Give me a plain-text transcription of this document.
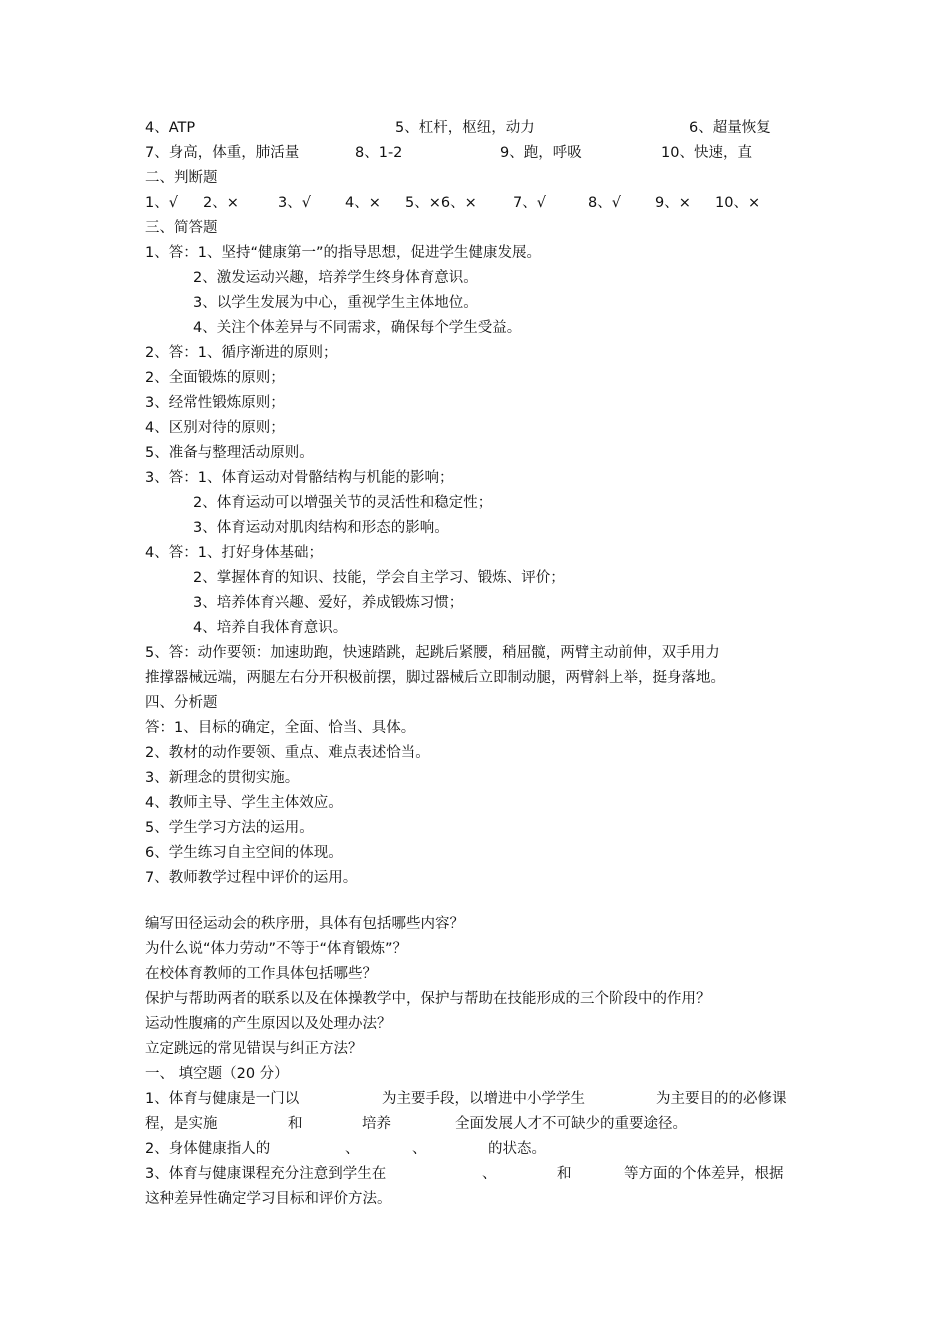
4、ATP	5、杠杆，枢纽，动力	6、超量恢复
7、身高，体重，肺活量	8、1-2	9、跑，呼吸	10、快速，直
二、判断题
1、√ 2、×	3、√ 4、× 5、×6、×	7、√	8、√ 9、× 10、×
三、简答题
1、答：1、坚持“健康第一”的指导思想，促进学生健康发展。
2、激发运动兴趣，培养学生终身体育意识。
3、以学生发展为中心，重视学生主体地位。
4、关注个体差异与不同需求，确保每个学生受益。
2、答：1、循序渐进的原则；
2、全面锻炼的原则；
3、经常性锻炼原则；
4、区别对待的原则；
5、准备与整理活动原则。
3、答：1、体育运动对骨骼结构与机能的影响；
2、体育运动可以增强关节的灵活性和稳定性；
3、体育运动对肌肉结构和形态的影响。
4、答：1、打好身体基础；
2、掌握体育的知识、技能，学会自主学习、锻炼、评价；
3、培养体育兴趣、爱好，养成锻炼习惯；
4、培养自我体育意识。
5、答：动作要领：加速助跑，快速踏跳，起跳后紧腰，稍屈髋，两臂主动前伸，双手用力
推撑器械远端，两腿左右分开积极前摆，脚过器械后立即制动腿，两臂斜上举，挺身落地。
四、分析题
答：1、目标的确定，全面、恰当、具体。
2、教材的动作要领、重点、难点表述恰当。
3、新理念的贯彻实施。
4、教师主导、学生主体效应。
5、学生学习方法的运用。
6、学生练习自主空间的体现。
7、教师教学过程中评价的运用。
编写田径运动会的秩序册，具体有包括哪些内容？
为什么说“体力劳动”不等于“体育锻炼”？
在校体育教师的工作具体包括哪些？
保护与帮助两者的联系以及在体操教学中，保护与帮助在技能形成的三个阶段中的作用？
运动性腹痛的产生原因以及处理办法？
立定跳远的常见错误与纠正方法？
一、 填空题（20 分）
1、体育与健康是一门以	为主要手段，以增进中小学学生	为主要目的的必修课
程，是实施	和	培养	全面发展人才不可缺少的重要途径。
2、身体健康指人的	、	、	的状态。
3、体育与健康课程充分注意到学生在	、	和	等方面的个体差异，根据
这种差异性确定学习目标和评价方法。
